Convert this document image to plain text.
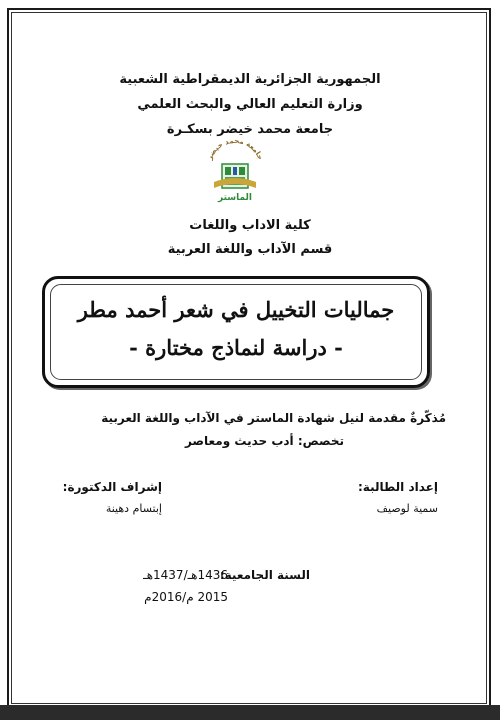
الجمهورية الجزائرية الديمقراطية الشعبية
وزارة التعليم العالي والبحث العلمي
جامعة محمد خيضر بسكـرة
جامعة محمد خيضر
الماستر
كلية الاداب واللغات
قسم الآداب واللغة العربية
جماليات التخييل في شعر أحمد مطر
- دراسة لنماذج مختارة -
مُذكّرةٌ مقدمة لنيل شهادة الماستر في الآداب واللغة العربية
تخصص: أدب حديث ومعاصر
إعداد الطالبة:
سمية لوصيف
إشراف الدكتورة:
إبتسام دهينة
السنة الجامعية:
1436هـ/1437هـ
2015 م/2016م
